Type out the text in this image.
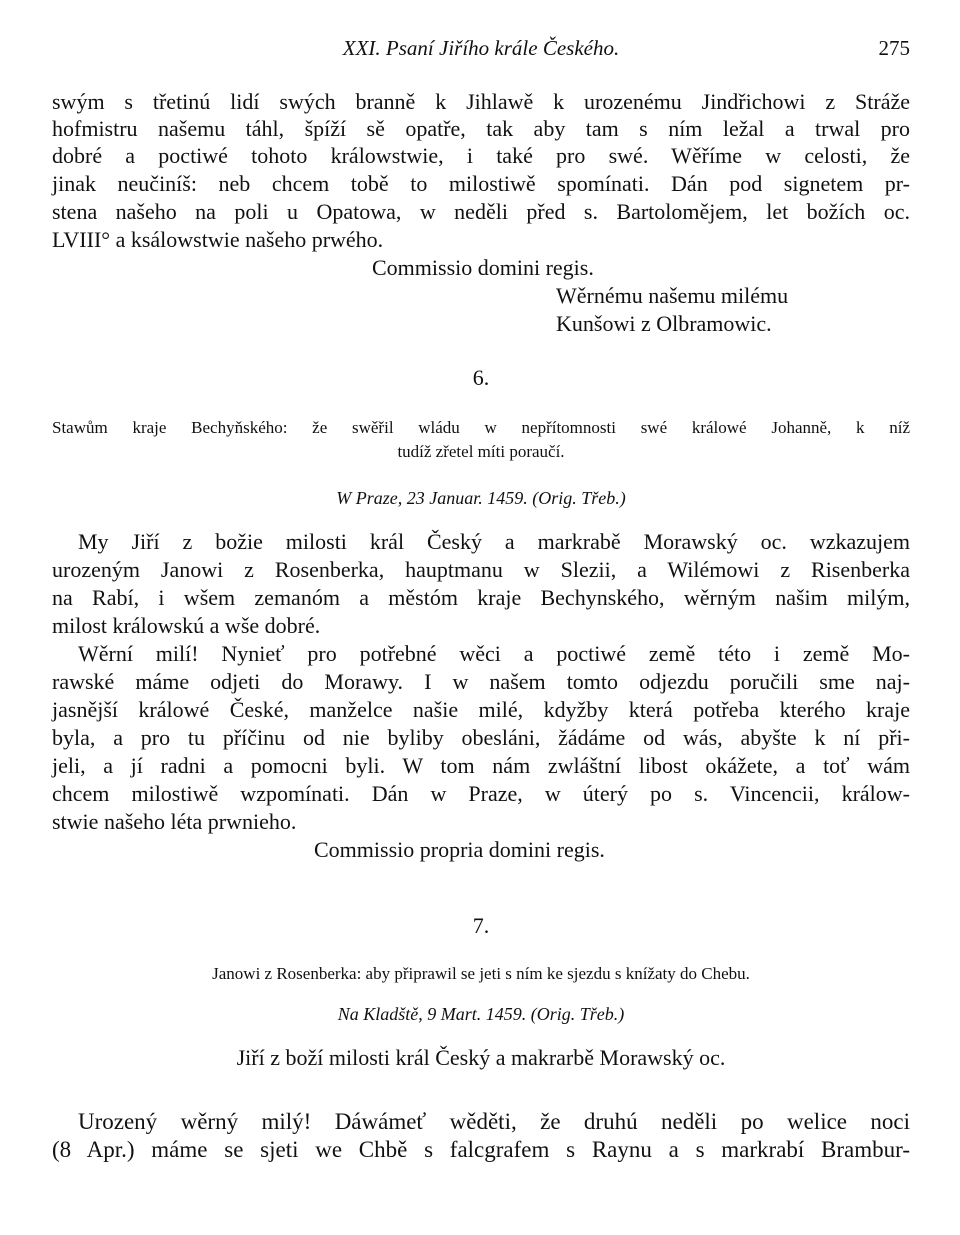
XXI. Psaní Jiřího krále Českého.	275
swým s třetinú lidí swých branně k Jihlawě k urozenému Jindřichowi z Stráže
hofmistru našemu táhl, špíží sě opatře, tak aby tam s ním ležal a trwal pro
dobré a poctiwé tohoto králowstwie, i také pro swé. Wěříme w celosti, že
jinak neučiníš: neb chcem tobě to milostiwě spomínati. Dán pod signetem pr-
stena našeho na poli u Opatowa, w neděli před s. Bartolomějem, let božích oc.
LVIII° a ksálowstwie našeho prwého.
Commissio domini regis.
Wěrnému našemu milému
Kunšowi z Olbramowic.
6.
Stawům kraje Bechyňského: že swěřil wládu w nepřítomnosti swé králowé Johanně, k níž
tudíž zřetel míti poraučí.
W Praze, 23 Januar. 1459. (Orig. Třeb.)
My Jiří z božie milosti král Český a markrabě Morawský oc. wzkazujem
urozeným Janowi z Rosenberka, hauptmanu w Slezii, a Wilémowi z Risenberka
na Rabí, i wšem zemanóm a městóm kraje Bechynského, wěrným našim milým,
milost králowskú a wše dobré.
Wěrní milí! Nynieť pro potřebné wěci a poctiwé země této i země Mo-
rawské máme odjeti do Morawy. I w našem tomto odjezdu poručili sme naj-
jasnější králowé České, manželce našie milé, kdyžby která potřeba kterého kraje
byla, a pro tu příčinu od nie byliby obesláni, žádáme od wás, abyšte k ní při-
jeli, a jí radni a pomocni byli. W tom nám zwláštní libost okážete, a toť wám
chcem milostiwě wzpomínati. Dán w Praze, w úterý po s. Vincencii, králow-
stwie našeho léta prwnieho.
Commissio propria domini regis.
7.
Janowi z Rosenberka: aby připrawil se jeti s ním ke sjezdu s knížaty do Chebu.
Na Kladště, 9 Mart. 1459. (Orig. Třeb.)
Jiří z boží milosti král Český a makrarbě Morawský oc.
Urozený wěrný milý! Dáwámeť wěděti, že druhú neděli po welice noci
(8 Apr.) máme se sjeti we Chbě s falcgrafem s Raynu a s markrabí Brambur-
